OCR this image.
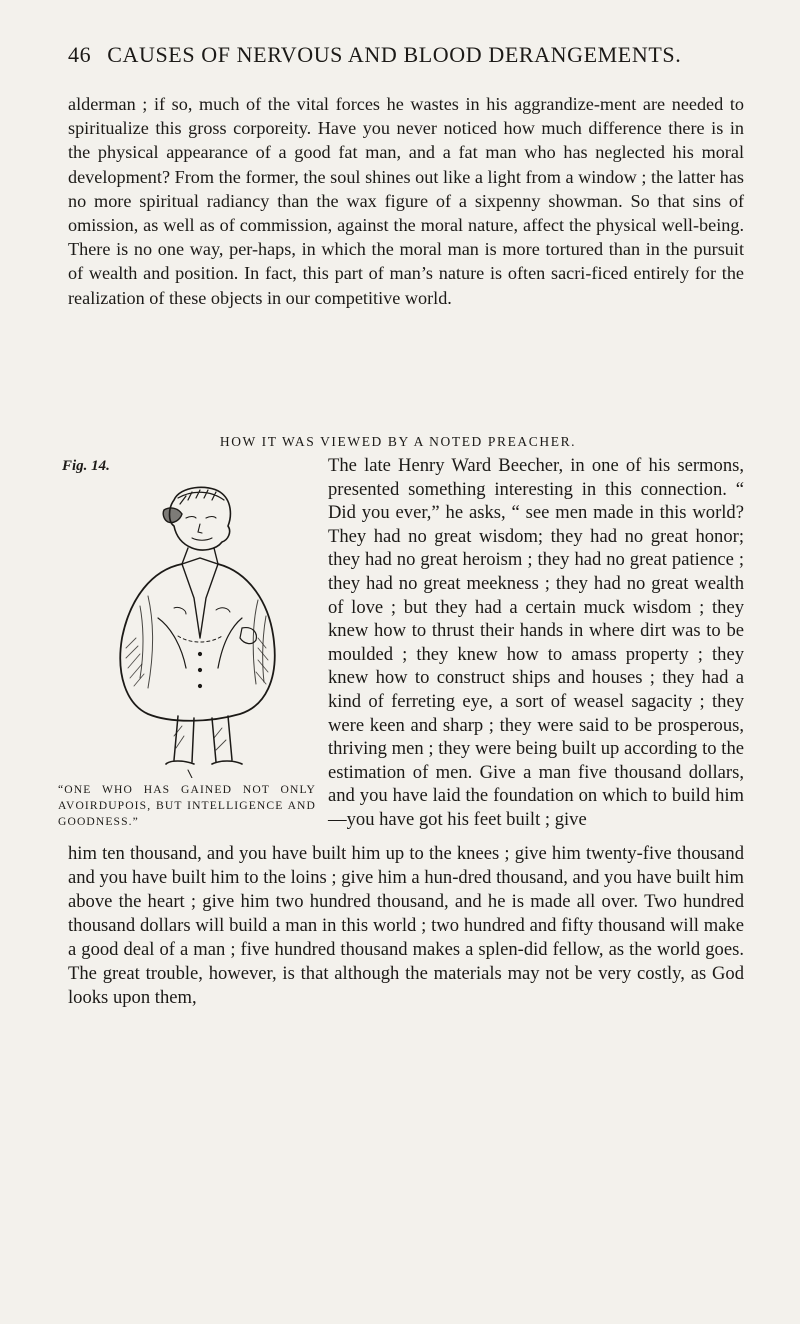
46 CAUSES OF NERVOUS AND BLOOD DERANGEMENTS.

alderman ; if so, much of the vital forces he wastes in his aggrandize-ment are needed to spiritualize this gross corporeity. Have you never noticed how much difference there is in the physical appearance of a good fat man, and a fat man who has neglected his moral development? From the former, the soul shines out like a light from a window ; the latter has no more spiritual radiancy than the wax figure of a sixpenny showman. So that sins of omission, as well as of commission, against the moral nature, affect the physical well-being. There is no one way, per-haps, in which the moral man is more tortured than in the pursuit of wealth and position. In fact, this part of man’s nature is often sacri-ficed entirely for the realization of these objects in our competitive world.

HOW IT WAS VIEWED BY A NOTED PREACHER.
Fig. 14.

“ONE WHO HAS GAINED NOT ONLY AVOIRDUPOIS, BUT INTELLIGENCE AND GOODNESS.”

The late Henry Ward Beecher, in one of his sermons, presented something interesting in this connection. “ Did you ever,” he asks, “ see men made in this world? They had no great wisdom; they had no great honor; they had no great heroism ; they had no great patience ; they had no great meekness ; they had no great wealth of love ; but they had a certain muck wisdom ; they knew how to thrust their hands in where dirt was to be moulded ; they knew how to amass property ; they knew how to construct ships and houses ; they had a kind of ferreting eye, a sort of weasel sagacity ; they were keen and sharp ; they were said to be prosperous, thriving men ; they were being built up according to the estimation of men. Give a man five thousand dollars, and you have laid the foundation on which to build him—you have got his feet built ; give

him ten thousand, and you have built him up to the knees ; give him twenty-five thousand and you have built him to the loins ; give him a hun-dred thousand, and you have built him above the heart ; give him two hundred thousand, and he is made all over. Two hundred thousand dollars will build a man in this world ; two hundred and fifty thousand will make a good deal of a man ; five hundred thousand makes a splen-did fellow, as the world goes. The great trouble, however, is that although the materials may not be very costly, as God looks upon them,
